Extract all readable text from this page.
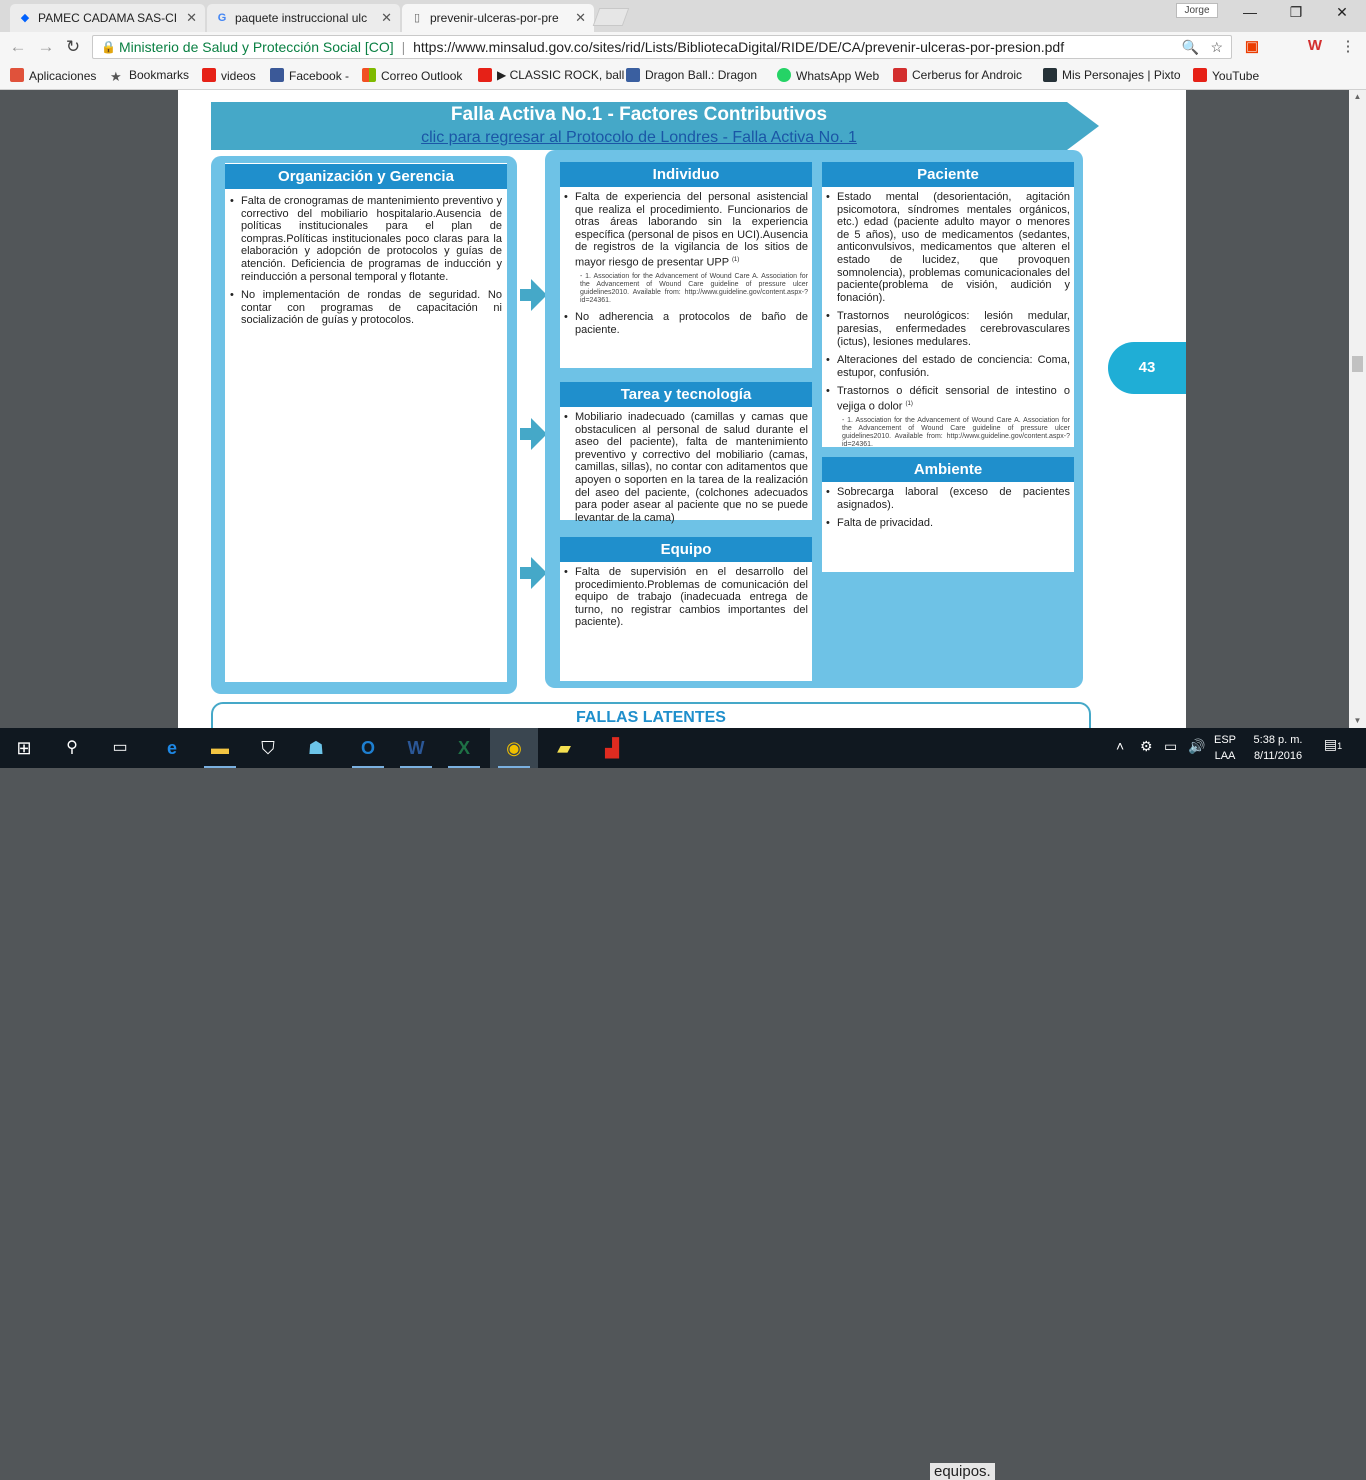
◆ PAMEC CADAMA SAS-CI ✕ G paquete instruccional ulc ✕ ▯ prevenir-ulceras-por-pre ✕	Jorge	—	❐	✕
← → ↻ 🔒 Ministerio de Salud y Protección Social [CO] | https://www.minsalud.gov.co/sites/rid/Lists/BibliotecaDigital/RIDE/DE/CA/prevenir-ulceras-por-presion.pdf	🔍 ☆ ▣	W ⋮
Aplicaciones ★ Bookmarks	videos	Facebook -	Correo Outlook	▶ CLASSIC ROCK, ball	Dragon Ball.: Dragon	WhatsApp Web	Cerberus for Androic	Mis Personajes | Pixto	YouTube
Falla Activa No.1 - Factores Contributivos
clic para regresar al Protocolo de Londres - Falla Activa No. 1
Organización y Gerencia
• Falta de cronogramas de mantenimiento preventivo y correctivo del mobiliario hospitalario.Ausencia de políticas institucionales para el plan de compras.Políticas institucionales poco claras para la elaboración y adopción de protocolos y guías de atención. Deficiencia de programas de inducción y reinducción a personal temporal y flotante.
• No implementación de rondas de seguridad. No contar con programas de capacitación ni socialización de guías y protocolos.
Individuo
• Falta de experiencia del personal asistencial que realiza el procedimiento. Funcionarios de otras áreas laborando sin la experiencia específica (personal de pisos en UCI).Ausencia de registros de la vigilancia de los sitios de mayor riesgo de presentar UPP $^{(1)}$
- 1. Association for the Advancement of Wound Care A. Association for the Advancement of Wound Care guideline of pressure ulcer guidelines2010. Available from: http://www.guideline.gov/content.aspx-?id=24361.
• No adherencia a protocolos de baño de paciente.
Tarea y tecnología
• Mobiliario inadecuado (camillas y camas que obstaculicen al personal de salud durante el aseo del paciente), falta de mantenimiento preventivo y correctivo del mobiliario (camas, camillas, sillas), no contar con aditamentos que apoyen o soporten en la tarea de la realización del aseo del paciente, (colchones adecuados para poder asear al paciente que no se puede levantar de la cama)
Equipo
• Falta de supervisión en el desarrollo del procedimiento.Problemas de comunicación del equipo de trabajo (inadecuada entrega de turno, no registrar cambios importantes del paciente).
Paciente
• Estado mental (desorientación, agitación psicomotora, síndromes mentales orgánicos, etc.) edad (paciente adulto mayor o menores de 5 años), uso de medicamentos (sedantes, anticonvulsivos, medicamentos que alteren el estado de lucidez, que provoquen somnolencia), problemas comunicacionales del paciente(problema de visión, audición y fonación).
• Trastornos neurológicos: lesión medular, paresias, enfermedades cerebrovasculares (ictus), lesiones medulares.
• Alteraciones del estado de conciencia: Coma, estupor, confusión.
• Trastornos o déficit sensorial de intestino o vejiga o dolor $^{(1)}$
- 1. Association for the Advancement of Wound Care A. Association for the Advancement of Wound Care guideline of pressure ulcer guidelines2010. Available from: http://www.guideline.gov/content.aspx-?id=24361.
Ambiente
• Sobrecarga laboral (exceso de pacientes asignados).
• Falta de privacidad.
FALLAS LATENTES
43
▲
▼
⊞	⚲	▭	e	▬	⛉	☗	O	W	X	◉	▰	▟
equipos.
˄ ⚙ ▭ 🔊 ESP
LAA
5:38 p. m.
8/11/2016
▤1
